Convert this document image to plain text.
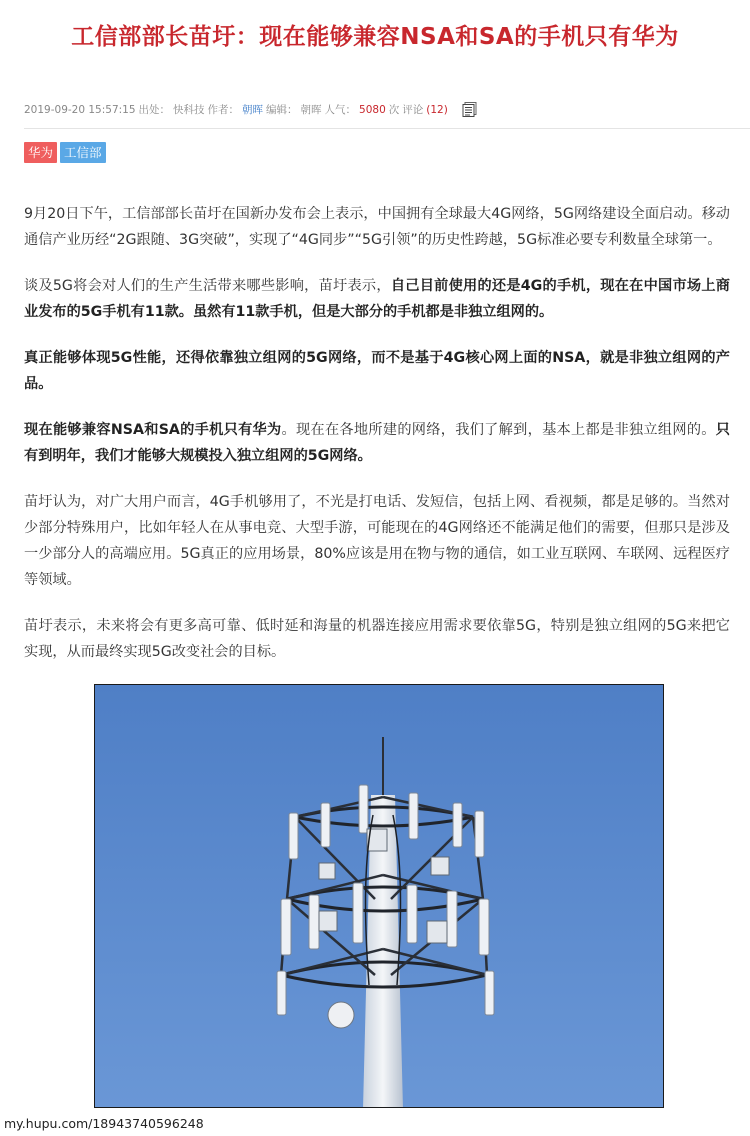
工信部部长苗圩：现在能够兼容NSA和SA的手机只有华为
2019-09-20 15:57:15 出处： 快科技 作者： 朝晖 编辑： 朝晖 人气： 5080 次 评论 (12)
华为 工信部

9月20日下午，工信部部长苗圩在国新办发布会上表示，中国拥有全球最大4G网络，5G网络建设全面启动。移动通信产业历经“2G跟随、3G突破”，实现了“4G同步”“5G引领”的历史性跨越，5G标准必要专利数量全球第一。

谈及5G将会对人们的生产生活带来哪些影响，苗圩表示，自己目前使用的还是4G的手机，现在在中国市场上商业发布的5G手机有11款。虽然有11款手机，但是大部分的手机都是非独立组网的。

真正能够体现5G性能，还得依靠独立组网的5G网络，而不是基于4G核心网上面的NSA，就是非独立组网的产品。

现在能够兼容NSA和SA的手机只有华为。现在在各地所建的网络，我们了解到，基本上都是非独立组网的。只有到明年，我们才能够大规模投入独立组网的5G网络。

苗圩认为，对广大用户而言，4G手机够用了，不光是打电话、发短信，包括上网、看视频，都是足够的。当然对少部分特殊用户，比如年轻人在从事电竞、大型手游，可能现在的4G网络还不能满足他们的需要，但那只是涉及一少部分人的高端应用。5G真正的应用场景，80%应该是用在物与物的通信，如工业互联网、车联网、远程医疗等领域。

苗圩表示，未来将会有更多高可靠、低时延和海量的机器连接应用需求要依靠5G，特别是独立组网的5G来把它实现，从而最终实现5G改变社会的目标。

my.hupu.com/18943740596248
